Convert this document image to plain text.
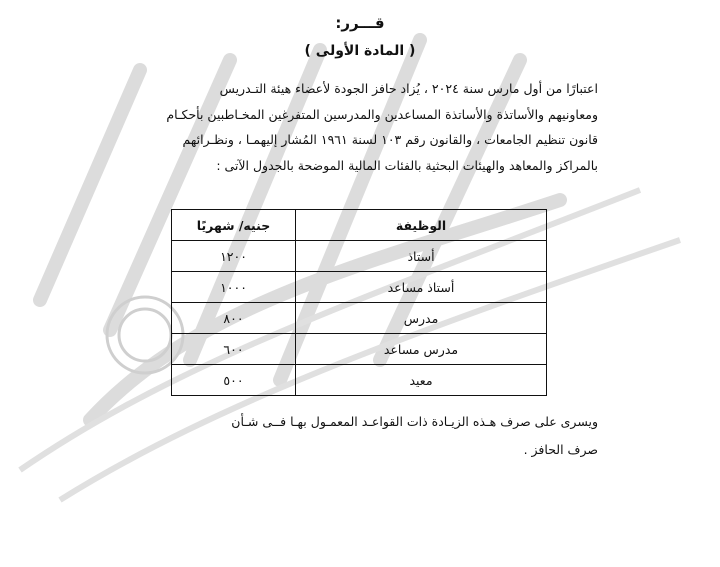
قـــرر:
( المادة الأولى )
اعتبارًا من أول مارس سنة ٢٠٢٤ ، يُزاد حافز الجودة لأعضاء هيئة التـدريس
ومعاونيهم والأساتذة والأساتذة المساعدين والمدرسين المتفرغين المخـاطبين بأحكـام
قانون تنظيم الجامعات ، والقانون رقم ١٠٣ لسنة ١٩٦١ المُشار إليهمـا ، ونظـرائهم
بالمراكز والمعاهد والهيئات البحثية بالفئات المالية الموضحة بالجدول الآتى :
الوظيفة	جنيه/ شهريًا
أستاذ	١٢٠٠
أستاذ مساعد	١٠٠٠
مدرس	٨٠٠
مدرس مساعد	٦٠٠
معيد	٥٠٠
ويسرى على صرف هـذه الزيـادة ذات القواعـد المعمـول بهـا فــى شـأن
صرف الحافز .
